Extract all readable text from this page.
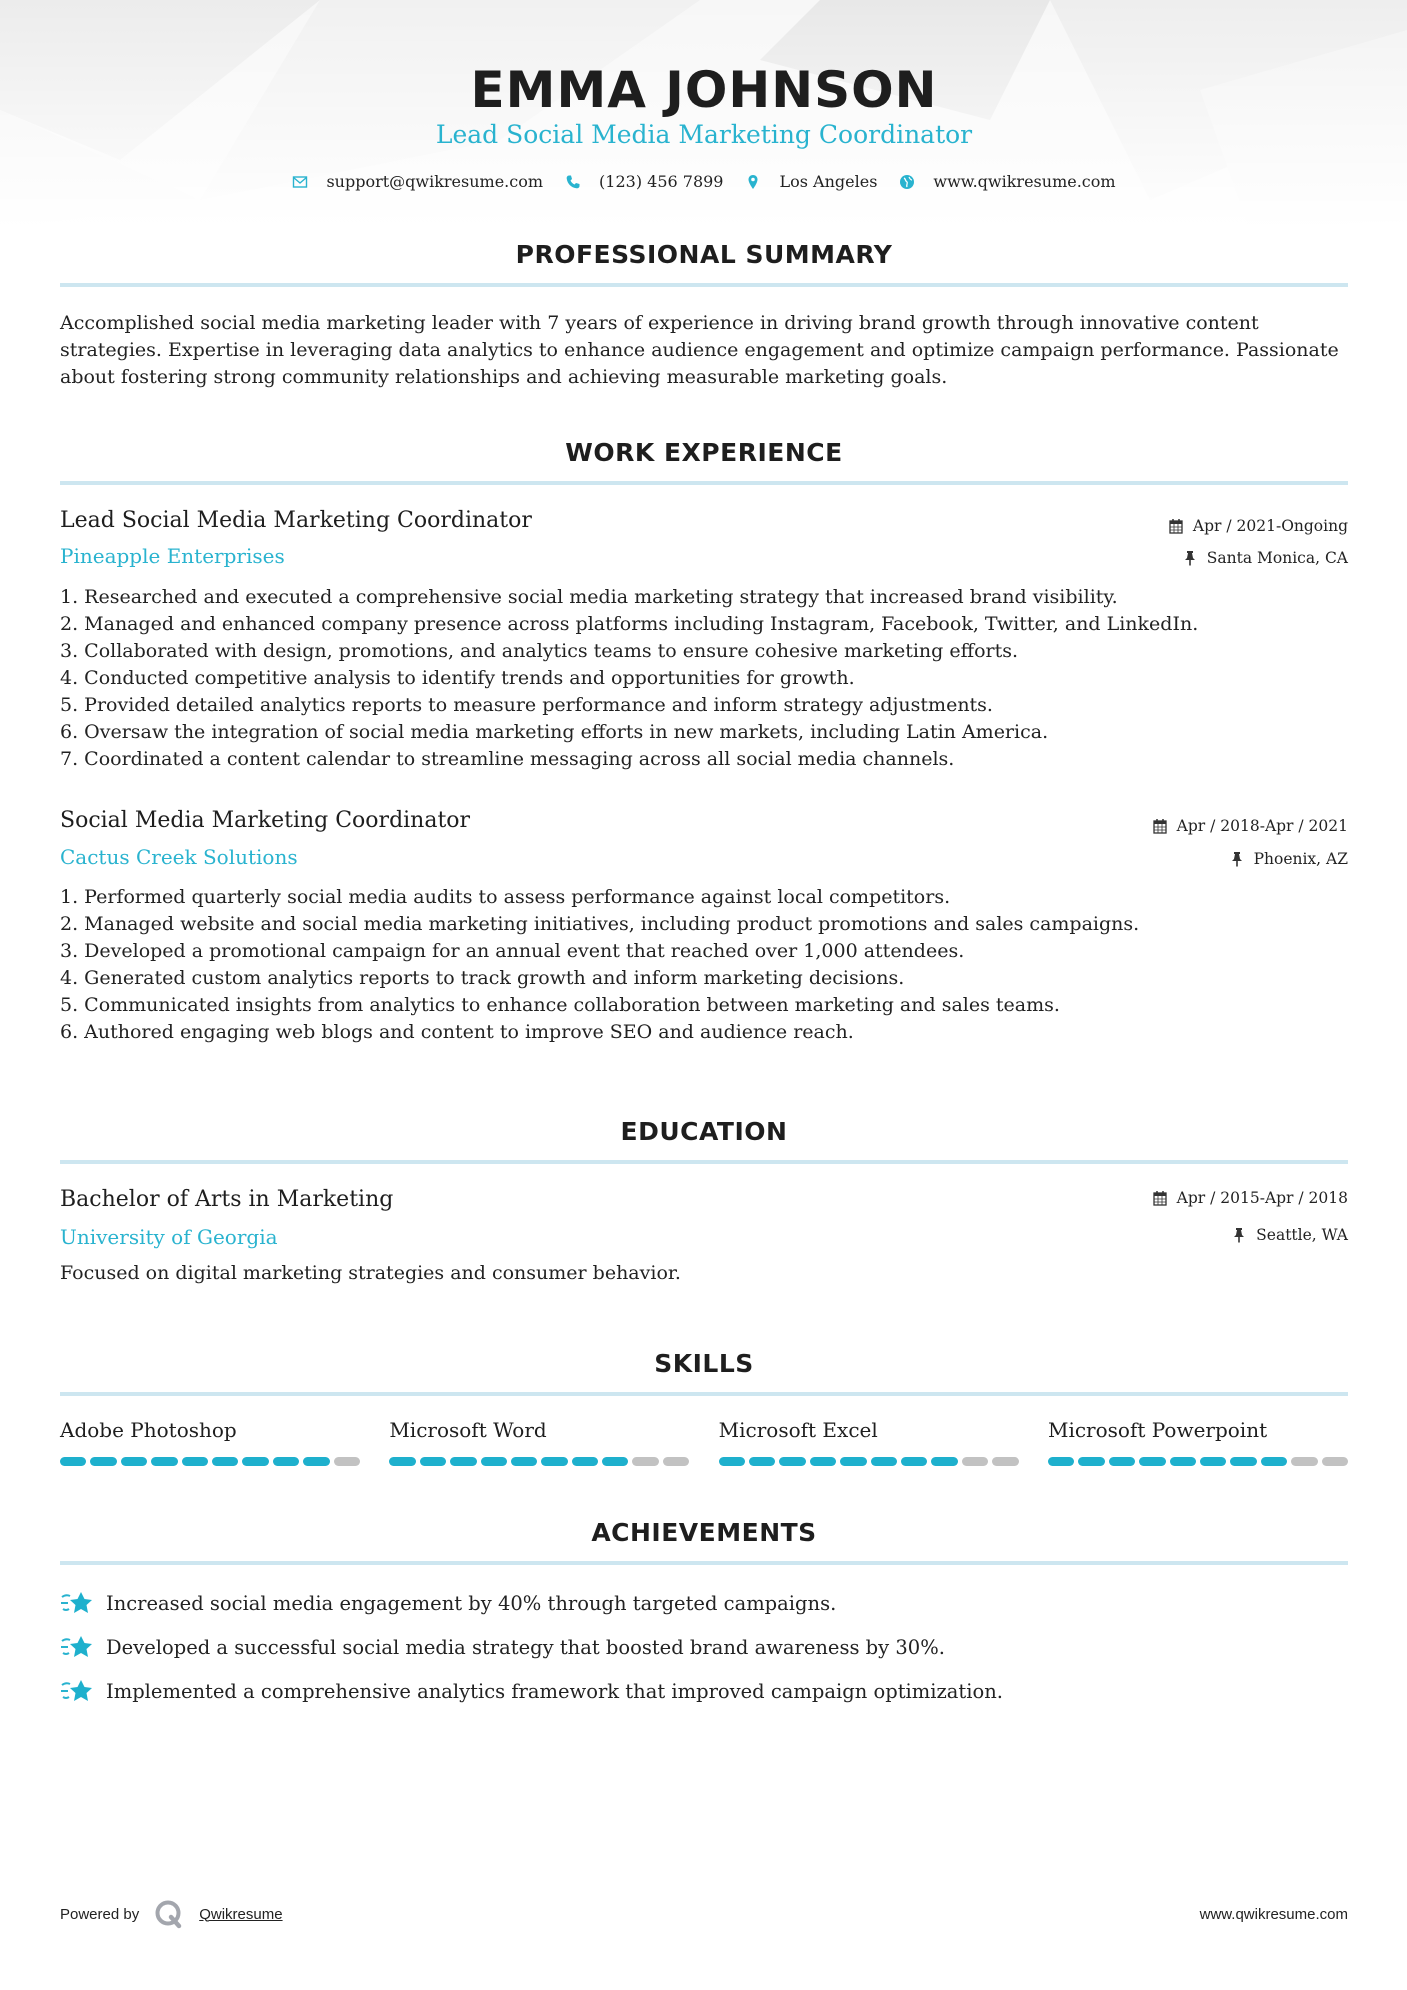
EMMA JOHNSON
Lead Social Media Marketing Coordinator
support@qwikresume.com	(123) 456 7899	Los Angeles	www.qwikresume.com
PROFESSIONAL SUMMARY
Accomplished social media marketing leader with 7 years of experience in driving brand growth through innovative content strategies. Expertise in leveraging data analytics to enhance audience engagement and optimize campaign performance. Passionate about fostering strong community relationships and achieving measurable marketing goals.
WORK EXPERIENCE
Lead Social Media Marketing Coordinator
Pineapple Enterprises
Apr / 2021-Ongoing
Santa Monica, CA
1. Researched and executed a comprehensive social media marketing strategy that increased brand visibility.
2. Managed and enhanced company presence across platforms including Instagram, Facebook, Twitter, and LinkedIn.
3. Collaborated with design, promotions, and analytics teams to ensure cohesive marketing efforts.
4. Conducted competitive analysis to identify trends and opportunities for growth.
5. Provided detailed analytics reports to measure performance and inform strategy adjustments.
6. Oversaw the integration of social media marketing efforts in new markets, including Latin America.
7. Coordinated a content calendar to streamline messaging across all social media channels.
Social Media Marketing Coordinator
Cactus Creek Solutions
Apr / 2018-Apr / 2021
Phoenix, AZ
1. Performed quarterly social media audits to assess performance against local competitors.
2. Managed website and social media marketing initiatives, including product promotions and sales campaigns.
3. Developed a promotional campaign for an annual event that reached over 1,000 attendees.
4. Generated custom analytics reports to track growth and inform marketing decisions.
5. Communicated insights from analytics to enhance collaboration between marketing and sales teams.
6. Authored engaging web blogs and content to improve SEO and audience reach.
EDUCATION
Bachelor of Arts in Marketing
University of Georgia
Apr / 2015-Apr / 2018
Seattle, WA
Focused on digital marketing strategies and consumer behavior.
SKILLS
Adobe Photoshop	Microsoft Word	Microsoft Excel	Microsoft Powerpoint
ACHIEVEMENTS
Increased social media engagement by 40% through targeted campaigns.
Developed a successful social media strategy that boosted brand awareness by 30%.
Implemented a comprehensive analytics framework that improved campaign optimization.
Powered by	Qwikresume	www.qwikresume.com
